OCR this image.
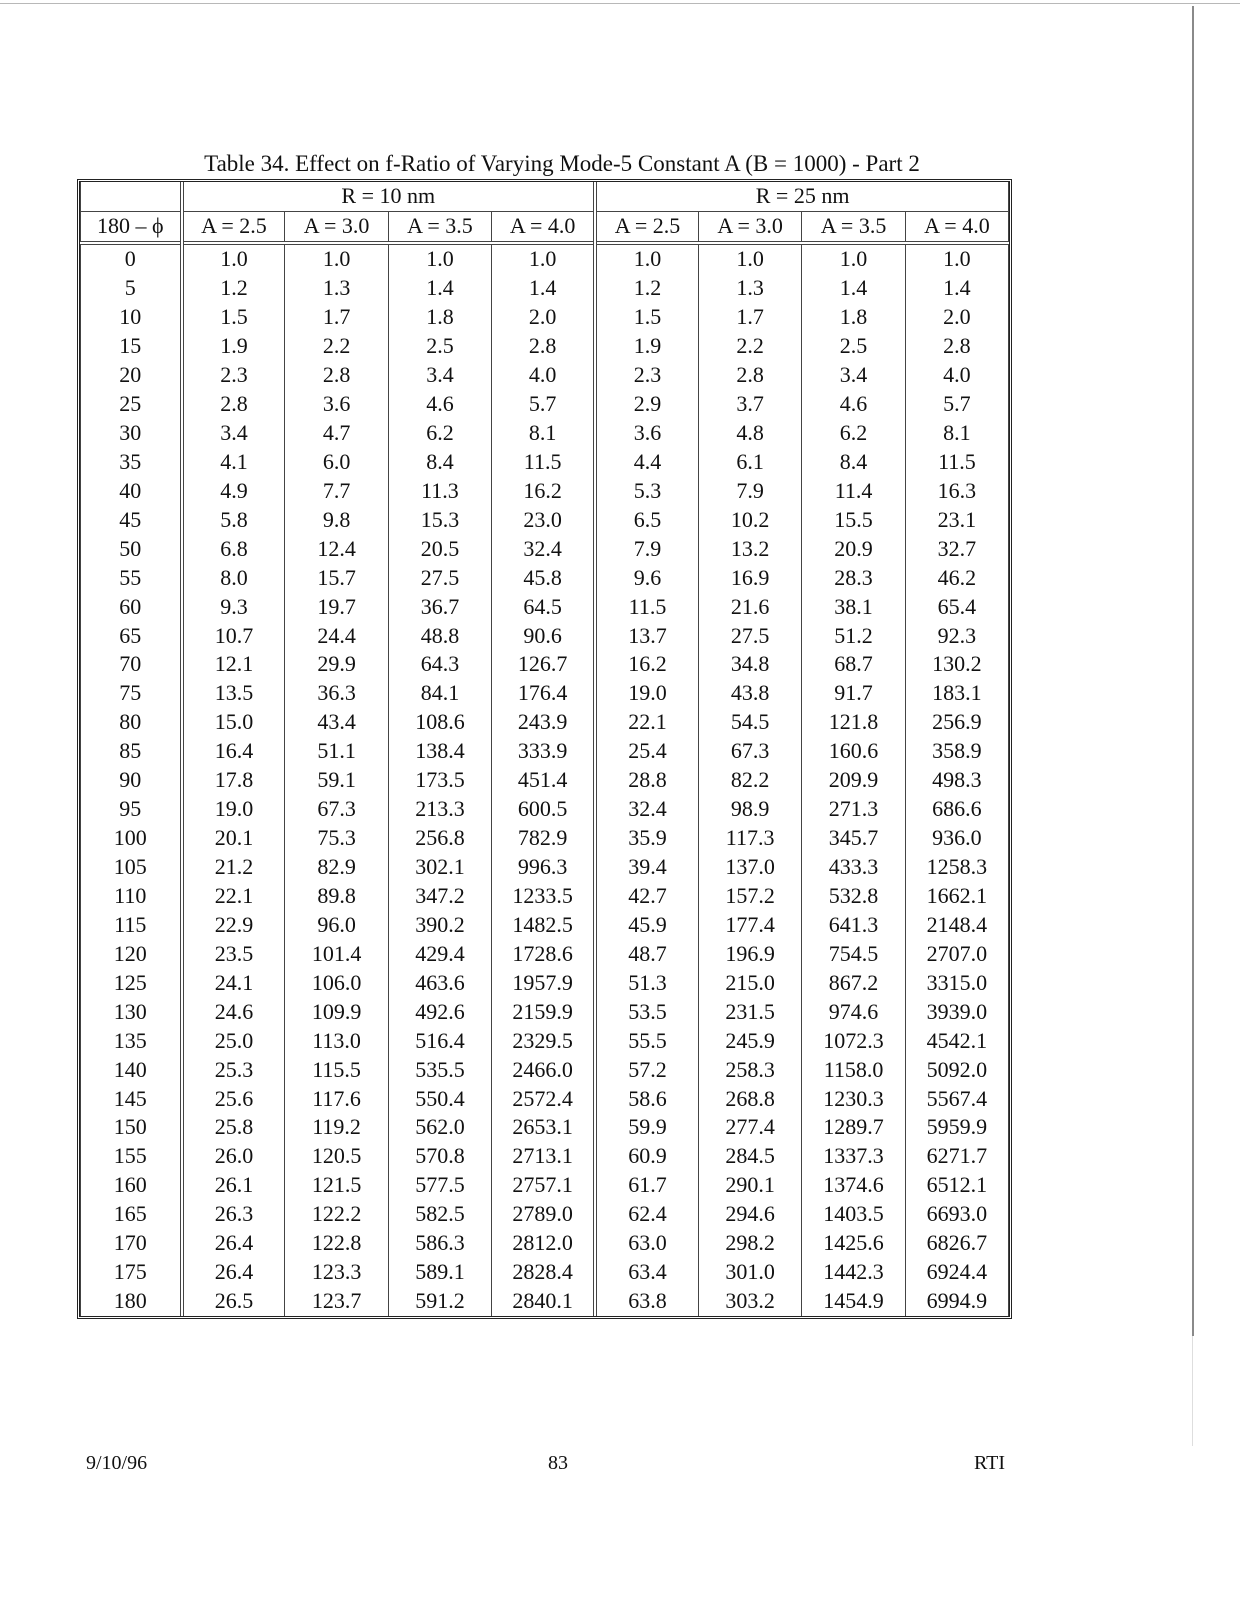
Table 34. Effect on f-Ratio of Varying Mode-5 Constant A (B = 1000) - Part 2
	R = 10 nm				R = 25 nm			
180 – ϕ	A = 2.5	A = 3.0	A = 3.5	A = 4.0	A = 2.5	A = 3.0	A = 3.5	A = 4.0
0	1.0	1.0	1.0	1.0	1.0	1.0	1.0	1.0
5	1.2	1.3	1.4	1.4	1.2	1.3	1.4	1.4
10	1.5	1.7	1.8	2.0	1.5	1.7	1.8	2.0
15	1.9	2.2	2.5	2.8	1.9	2.2	2.5	2.8
20	2.3	2.8	3.4	4.0	2.3	2.8	3.4	4.0
25	2.8	3.6	4.6	5.7	2.9	3.7	4.6	5.7
30	3.4	4.7	6.2	8.1	3.6	4.8	6.2	8.1
35	4.1	6.0	8.4	11.5	4.4	6.1	8.4	11.5
40	4.9	7.7	11.3	16.2	5.3	7.9	11.4	16.3
45	5.8	9.8	15.3	23.0	6.5	10.2	15.5	23.1
50	6.8	12.4	20.5	32.4	7.9	13.2	20.9	32.7
55	8.0	15.7	27.5	45.8	9.6	16.9	28.3	46.2
60	9.3	19.7	36.7	64.5	11.5	21.6	38.1	65.4
65	10.7	24.4	48.8	90.6	13.7	27.5	51.2	92.3
70	12.1	29.9	64.3	126.7	16.2	34.8	68.7	130.2
75	13.5	36.3	84.1	176.4	19.0	43.8	91.7	183.1
80	15.0	43.4	108.6	243.9	22.1	54.5	121.8	256.9
85	16.4	51.1	138.4	333.9	25.4	67.3	160.6	358.9
90	17.8	59.1	173.5	451.4	28.8	82.2	209.9	498.3
95	19.0	67.3	213.3	600.5	32.4	98.9	271.3	686.6
100	20.1	75.3	256.8	782.9	35.9	117.3	345.7	936.0
105	21.2	82.9	302.1	996.3	39.4	137.0	433.3	1258.3
110	22.1	89.8	347.2	1233.5	42.7	157.2	532.8	1662.1
115	22.9	96.0	390.2	1482.5	45.9	177.4	641.3	2148.4
120	23.5	101.4	429.4	1728.6	48.7	196.9	754.5	2707.0
125	24.1	106.0	463.6	1957.9	51.3	215.0	867.2	3315.0
130	24.6	109.9	492.6	2159.9	53.5	231.5	974.6	3939.0
135	25.0	113.0	516.4	2329.5	55.5	245.9	1072.3	4542.1
140	25.3	115.5	535.5	2466.0	57.2	258.3	1158.0	5092.0
145	25.6	117.6	550.4	2572.4	58.6	268.8	1230.3	5567.4
150	25.8	119.2	562.0	2653.1	59.9	277.4	1289.7	5959.9
155	26.0	120.5	570.8	2713.1	60.9	284.5	1337.3	6271.7
160	26.1	121.5	577.5	2757.1	61.7	290.1	1374.6	6512.1
165	26.3	122.2	582.5	2789.0	62.4	294.6	1403.5	6693.0
170	26.4	122.8	586.3	2812.0	63.0	298.2	1425.6	6826.7
175	26.4	123.3	589.1	2828.4	63.4	301.0	1442.3	6924.4
180	26.5	123.7	591.2	2840.1	63.8	303.2	1454.9	6994.9
9/10/96	83	RTI
